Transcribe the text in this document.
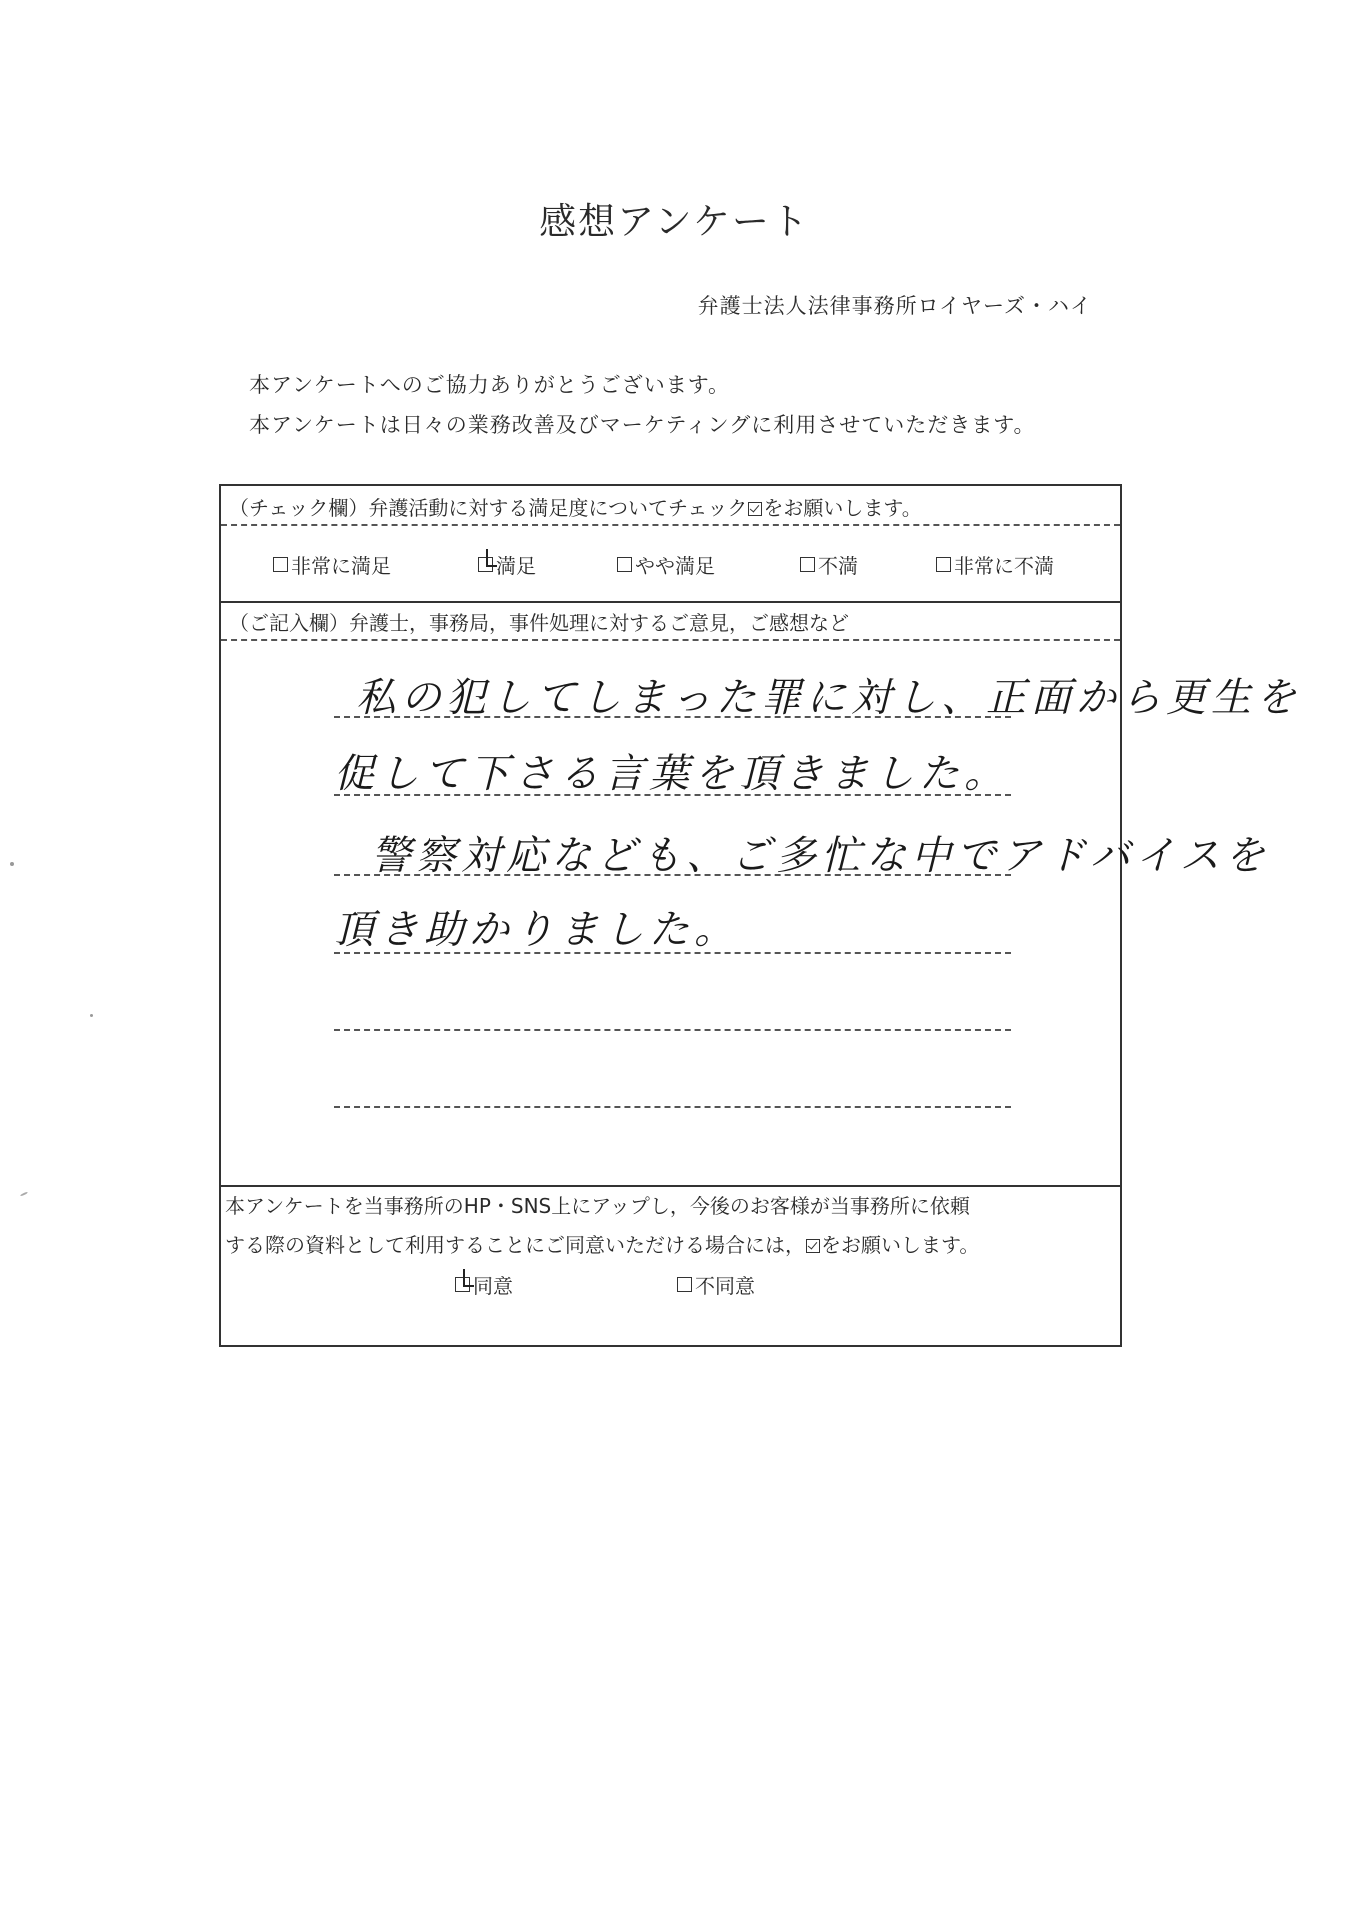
感想アンケート
弁護士法人法律事務所ロイヤーズ・ハイ
本アンケートへのご協力ありがとうございます。
本アンケートは日々の業務改善及びマーケティングに利用させていただきます。
（チェック欄）弁護活動に対する満足度についてチェック をお願いします。
非常に満足	満足	やや満足	不満	非常に不満
（ご記入欄）弁護士，事務局，事件処理に対するご意見，ご感想など
私の犯してしまった罪に対し、正面から更生を
促して下さる言葉を頂きました。
警察対応なども、ご多忙な中でアドバイスを
頂き助かりました。
本アンケートを当事務所のHP・SNS上にアップし，今後のお客様が当事務所に依頼
する際の資料として利用することにご同意いただける場合には， をお願いします。
同意	不同意
